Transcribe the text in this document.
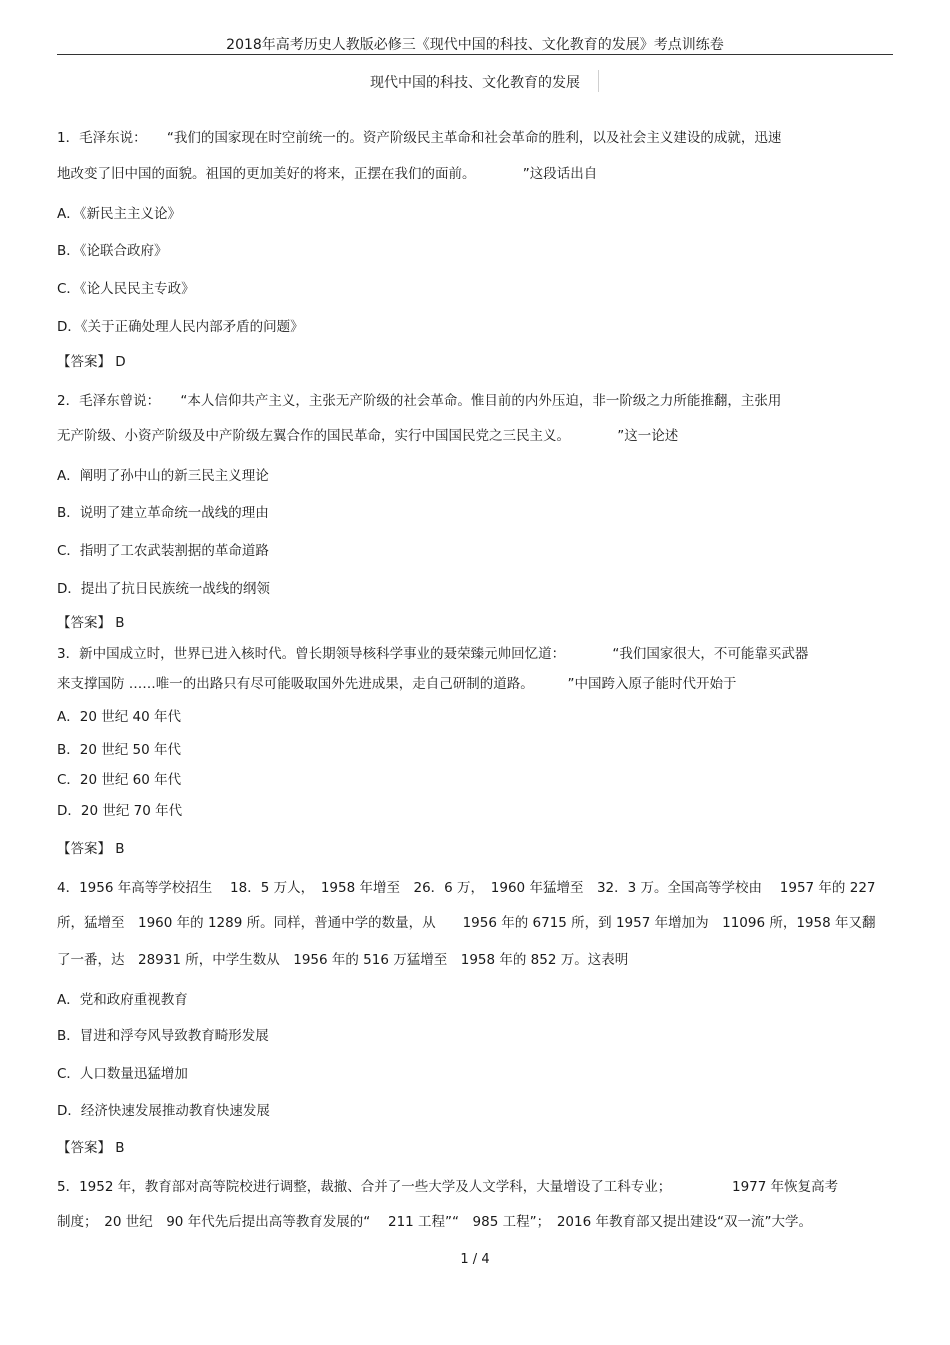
2018年高考历史人教版必修三《现代中国的科技、文化教育的发展》考点训练卷
现代中国的科技、文化教育的发展
1．毛泽东说：　　“我们的国家现在时空前统一的。资产阶级民主革命和社会革命的胜利，以及社会主义建设的成就，迅速
地改变了旧中国的面貌。祖国的更加美好的将来，正摆在我们的面前。　　　　”这段话出自
A．《新民主主义论》
B．《论联合政府》
C．《论人民民主专政》
D．《关于正确处理人民内部矛盾的问题》
【答案】 D
2．毛泽东曾说：　　“本人信仰共产主义，主张无产阶级的社会革命。惟目前的内外压迫，非一阶级之力所能推翻，主张用
无产阶级、小资产阶级及中产阶级左翼合作的国民革命，实行中国国民党之三民主义。　　　　”这一论述
A．阐明了孙中山的新三民主义理论
B．说明了建立革命统一战线的理由
C．指明了工农武装割据的革命道路
D．提出了抗日民族统一战线的纲领
【答案】 B
3．新中国成立时，世界已进入核时代。曾长期领导核科学事业的聂荣臻元帅回忆道：　　　　“我们国家很大，不可能靠买武器
来支撑国防 ……唯一的出路只有尽可能吸取国外先进成果，走自己研制的道路。　　　”中国跨入原子能时代开始于
A．20 世纪 40 年代
B．20 世纪 50 年代
C．20 世纪 60 年代
D．20 世纪 70 年代
【答案】 B
4．1956 年高等学校招生　 18．5 万人，　1958 年增至　26．6 万，　1960 年猛增至　32．3 万。全国高等学校由　 1957 年的 227
所，猛增至　1960 年的 1289 所。同样，普通中学的数量，从　　1956 年的 6715 所，到 1957 年增加为　11096 所，1958 年又翻
了一番，达　28931 所，中学生数从　1956 年的 516 万猛增至　1958 年的 852 万。这表明
A．党和政府重视教育
B．冒进和浮夸风导致教育畸形发展
C．人口数量迅猛增加
D．经济快速发展推动教育快速发展
【答案】 B
5．1952 年，教育部对高等院校进行调整，裁撤、合并了一些大学及人文学科，大量增设了工科专业；　　　　　1977 年恢复高考
制度；　20 世纪　90 年代先后提出高等教育发展的“　 211 工程”“　985 工程”；　2016 年教育部又提出建设“双一流”大学。
1 / 4
